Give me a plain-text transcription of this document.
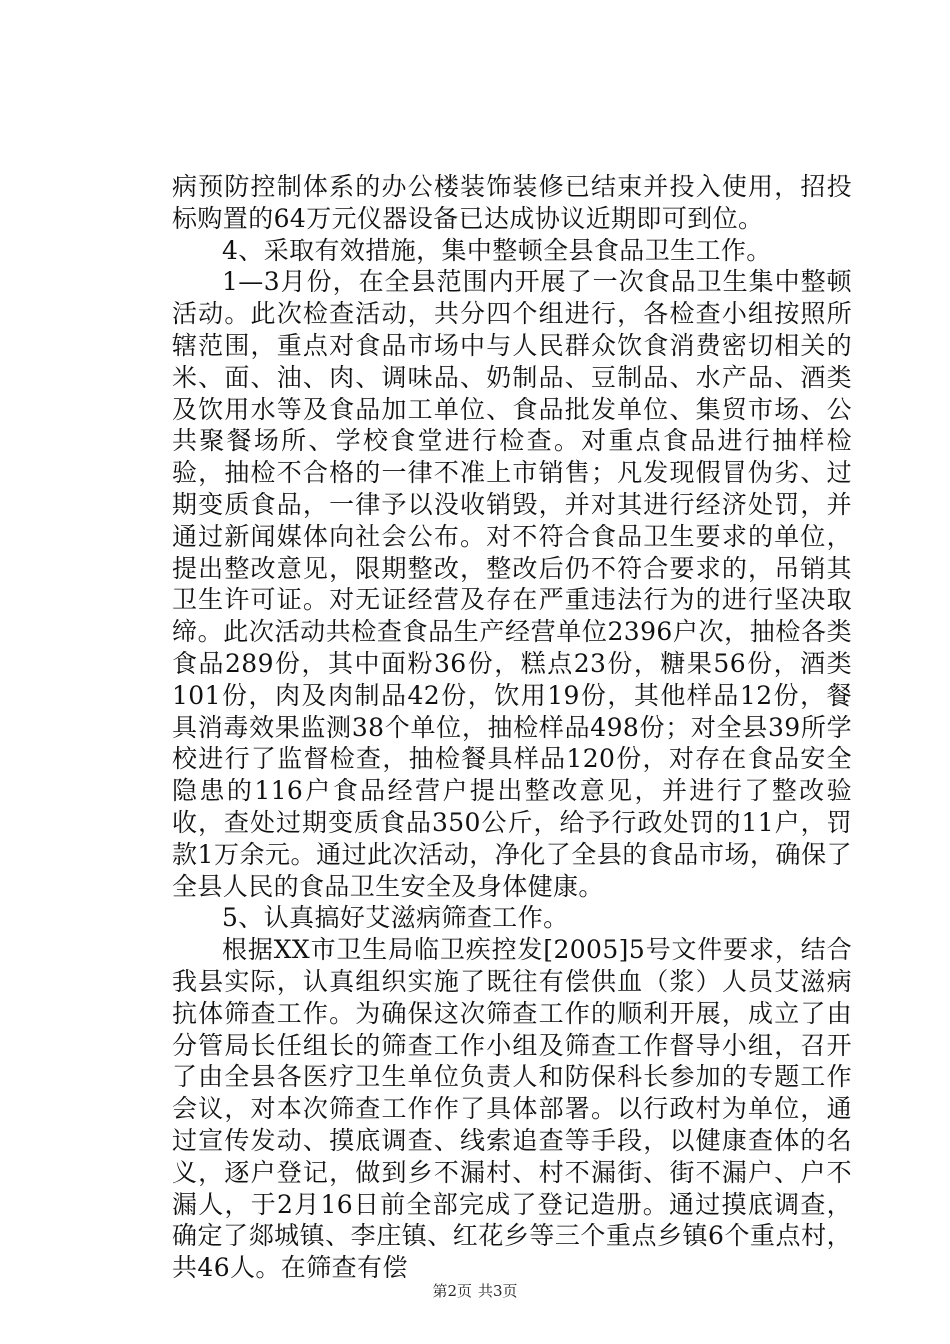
病预防控制体系的办公楼装饰装修已结束并投入使用，招投标购置的64万元仪器设备已达成协议近期即可到位。

4、采取有效措施，集中整顿全县食品卫生工作。

1—3月份，在全县范围内开展了一次食品卫生集中整顿活动。此次检查活动，共分四个组进行，各检查小组按照所辖范围，重点对食品市场中与人民群众饮食消费密切相关的米、面、油、肉、调味品、奶制品、豆制品、水产品、酒类及饮用水等及食品加工单位、食品批发单位、集贸市场、公共聚餐场所、学校食堂进行检查。对重点食品进行抽样检验，抽检不合格的一律不准上市销售；凡发现假冒伪劣、过期变质食品，一律予以没收销毁，并对其进行经济处罚，并通过新闻媒体向社会公布。对不符合食品卫生要求的单位，提出整改意见，限期整改，整改后仍不符合要求的，吊销其卫生许可证。对无证经营及存在严重违法行为的进行坚决取缔。此次活动共检查食品生产经营单位2396户次，抽检各类食品289份，其中面粉36份，糕点23份，糖果56份，酒类101份，肉及肉制品42份，饮用19份，其他样品12份，餐具消毒效果监测38个单位，抽检样品498份；对全县39所学校进行了监督检查，抽检餐具样品120份，对存在食品安全隐患的116户食品经营户提出整改意见，并进行了整改验收，查处过期变质食品350公斤，给予行政处罚的11户，罚款1万余元。通过此次活动，净化了全县的食品市场，确保了全县人民的食品卫生安全及身体健康。

5、认真搞好艾滋病筛查工作。

根据XX市卫生局临卫疾控发[2005]5号文件要求，结合我县实际，认真组织实施了既往有偿供血（浆）人员艾滋病抗体筛查工作。为确保这次筛查工作的顺利开展，成立了由分管局长任组长的筛查工作小组及筛查工作督导小组，召开了由全县各医疗卫生单位负责人和防保科长参加的专题工作会议，对本次筛查工作作了具体部署。以行政村为单位，通过宣传发动、摸底调查、线索追查等手段，以健康查体的名义，逐户登记，做到乡不漏村、村不漏街、街不漏户、户不漏人，于2月16日前全部完成了登记造册。通过摸底调查，确定了郯城镇、李庄镇、红花乡等三个重点乡镇6个重点村，共46人。在筛查有偿

第2页 共3页
